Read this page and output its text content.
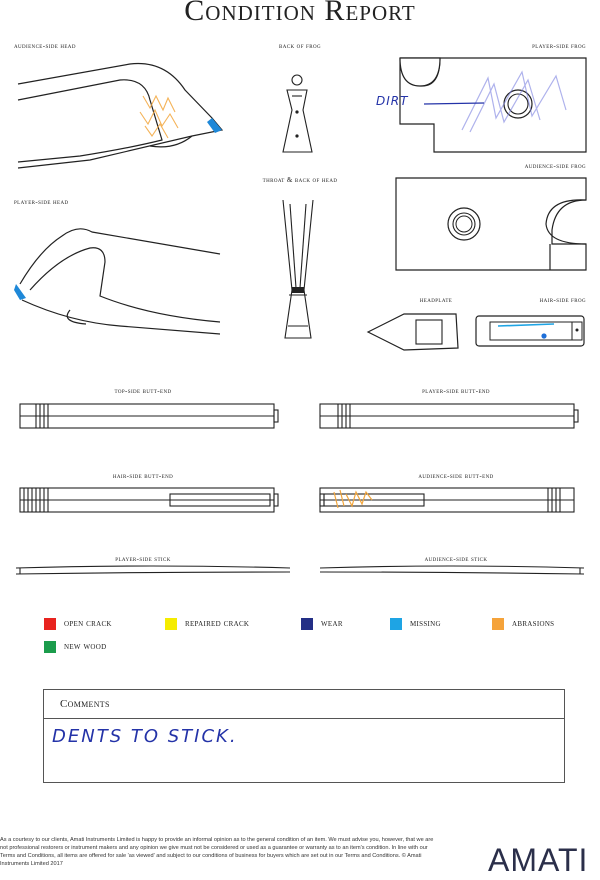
Condition Report
audience-side head	back of frog	player-side frog
audience-side frog
throat & back of head
player-side head
headplate	hair-side frog
top-side butt-end	player-side butt-end
hair-side butt-end	audience-side butt-end
player-side stick	audience-side stick
DIRT
open crack	repaired crack	wear	missing	abrasions
new wood
Comments
DENTS TO STICK.
As a courtesy to our clients, Amati Instruments Limited is happy to provide an informal opinion as to the general condition of an item. We must advise you, however, that we are not professional restorers or instrument makers and any opinion we give must not be considered or used as a guarantee or warranty as to an item's condition. In line with our Terms and Conditions, all items are offered for sale 'as viewed' and subject to our conditions of business for buyers which are set out in our Terms and Conditions. © Amati Instruments Limited 2017	AMATI
